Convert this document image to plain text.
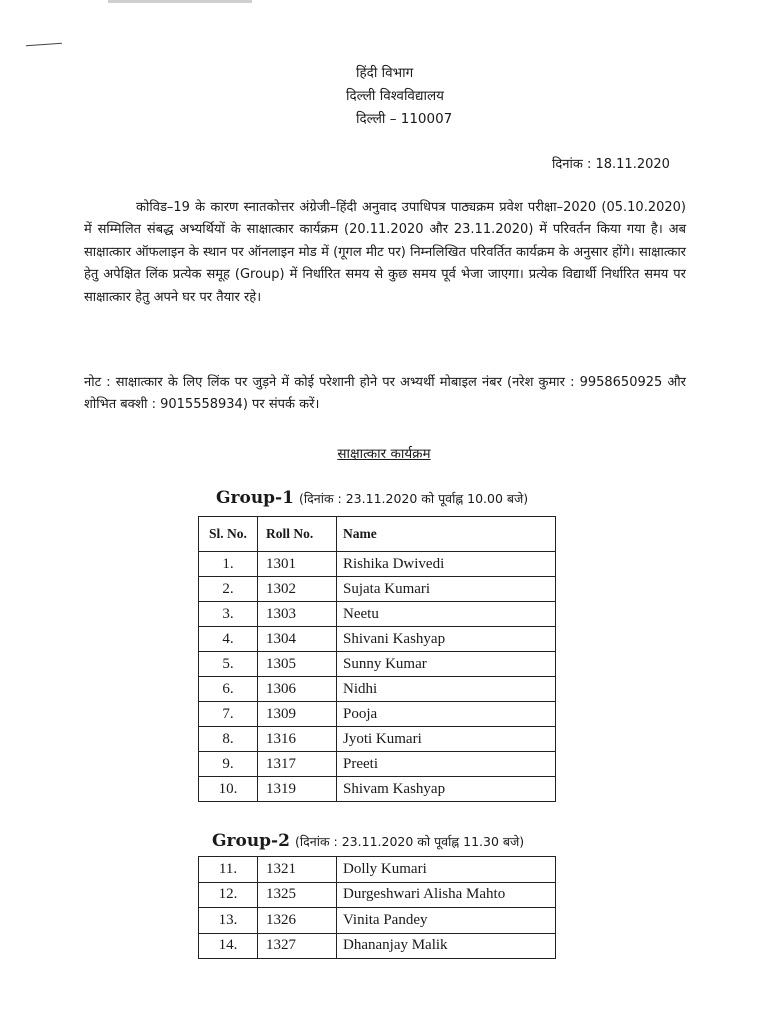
हिंदी विभाग
दिल्ली विश्वविद्यालय
दिल्ली – 110007
दिनांक : 18.11.2020
कोविड–19 के कारण स्नातकोत्तर अंग्रेजी–हिंदी अनुवाद उपाधिपत्र पाठ्यक्रम प्रवेश परीक्षा–2020 (05.10.2020) में सम्मिलित संबद्ध अभ्यर्थियों के साक्षात्कार कार्यक्रम (20.11.2020 और 23.11.2020) में परिवर्तन किया गया है। अब साक्षात्कार ऑफलाइन के स्थान पर ऑनलाइन मोड में (गूगल मीट पर) निम्नलिखित परिवर्तित कार्यक्रम के अनुसार होंगे। साक्षात्कार हेतु अपेक्षित लिंक प्रत्येक समूह (Group) में निर्धारित समय से कुछ समय पूर्व भेजा जाएगा। प्रत्येक विद्यार्थी निर्धारित समय पर साक्षात्कार हेतु अपने घर पर तैयार रहे।
नोट : साक्षात्कार के लिए लिंक पर जुड़ने में कोई परेशानी होने पर अभ्यर्थी मोबाइल नंबर (नरेश कुमार : 9958650925 और शोभित बक्शी : 9015558934) पर संपर्क करें।
साक्षात्कार कार्यक्रम
Group-1 (दिनांक : 23.11.2020 को पूर्वाह्न 10.00 बजे)
Sl. No.	Roll No.	Name
1.	1301	Rishika Dwivedi
2.	1302	Sujata Kumari
3.	1303	Neetu
4.	1304	Shivani Kashyap
5.	1305	Sunny Kumar
6.	1306	Nidhi
7.	1309	Pooja
8.	1316	Jyoti Kumari
9.	1317	Preeti
10.	1319	Shivam Kashyap
Group-2 (दिनांक : 23.11.2020 को पूर्वाह्न 11.30 बजे)
11.	1321	Dolly Kumari
12.	1325	Durgeshwari Alisha Mahto
13.	1326	Vinita Pandey
14.	1327	Dhananjay Malik
